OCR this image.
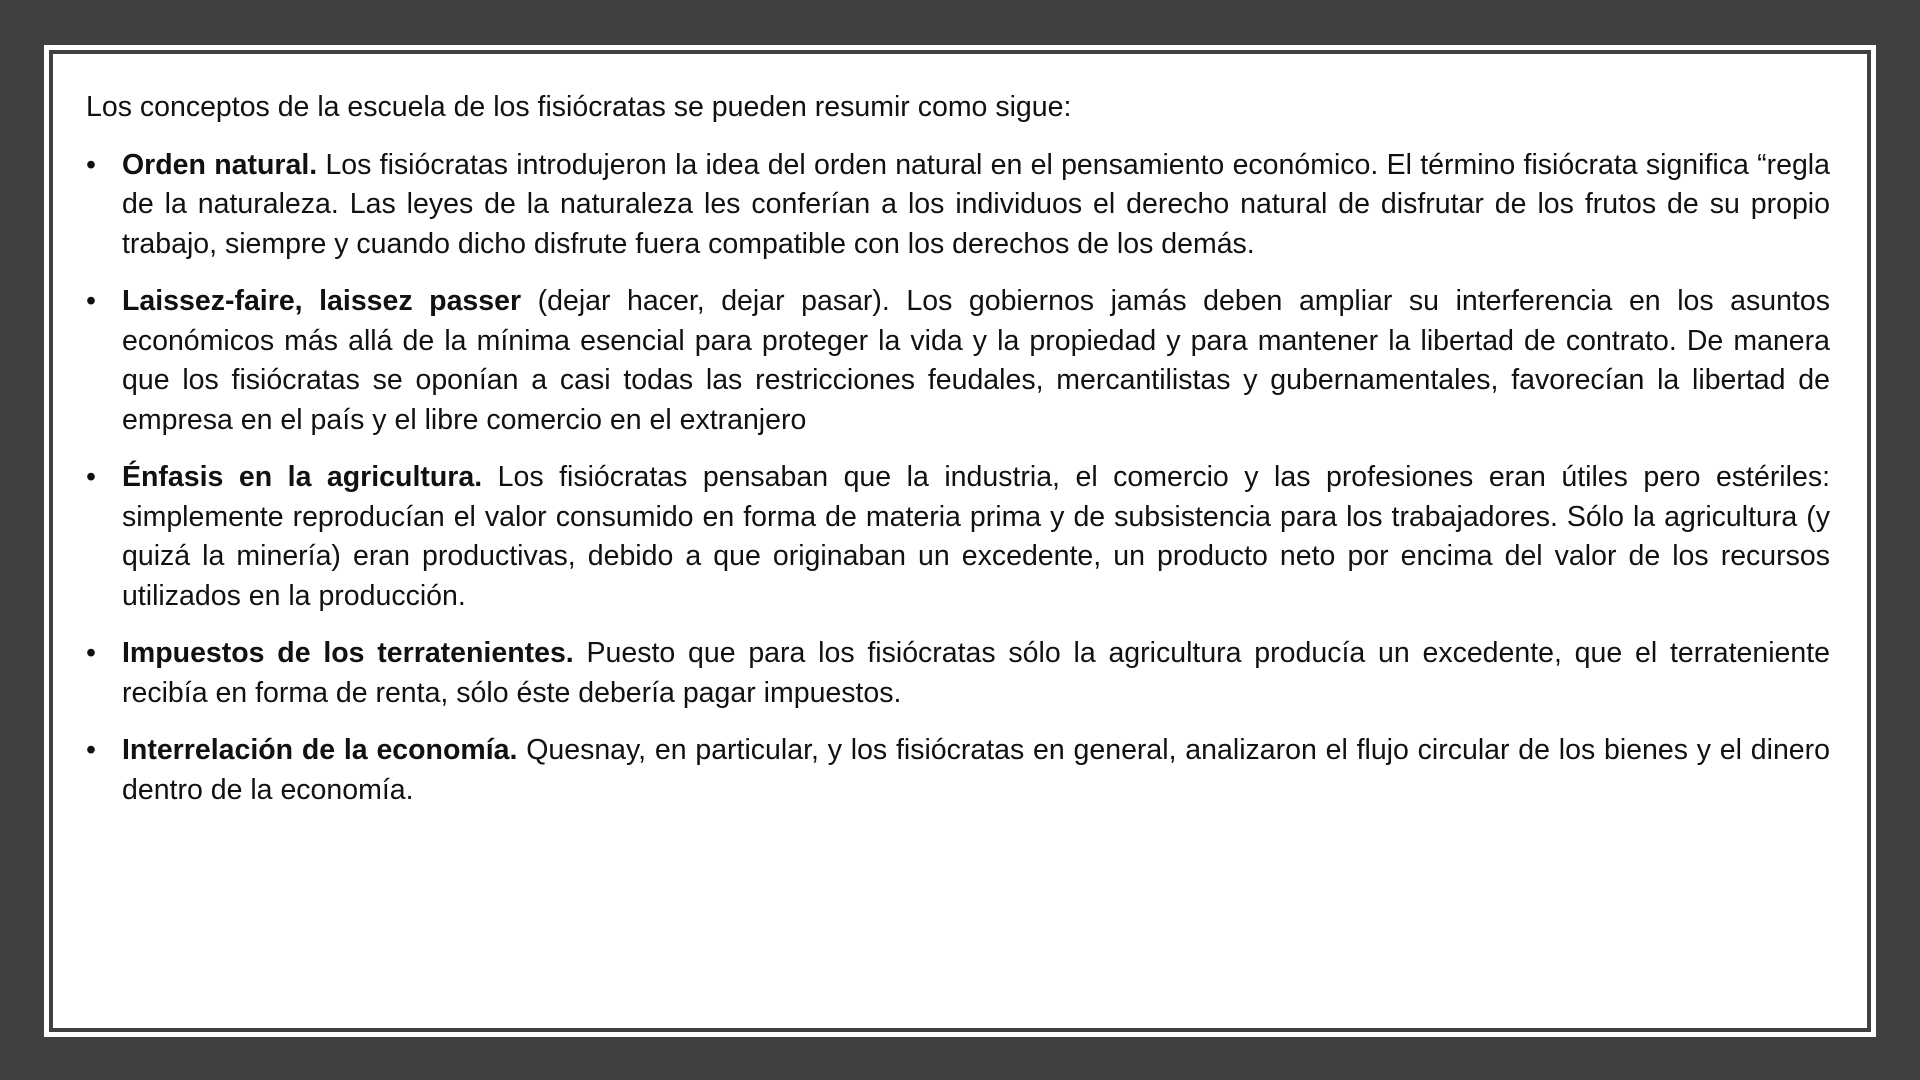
Los conceptos de la escuela de los fisiócratas se pueden resumir como sigue:

• Orden natural. Los fisiócratas introdujeron la idea del orden natural en el pensamiento económico. El término fisiócrata significa “regla de la naturaleza. Las leyes de la naturaleza les conferían a los individuos el derecho natural de disfrutar de los frutos de su propio trabajo, siempre y cuando dicho disfrute fuera compatible con los derechos de los demás.
• Laissez-faire, laissez passer (dejar hacer, dejar pasar). Los gobiernos jamás deben ampliar su interferencia en los asuntos económicos más allá de la mínima esencial para proteger la vida y la propiedad y para mantener la libertad de contrato. De manera que los fisiócratas se oponían a casi todas las restricciones feudales, mercantilistas y gubernamentales, favorecían la libertad de empresa en el país y el libre comercio en el extranjero
• Énfasis en la agricultura. Los fisiócratas pensaban que la industria, el comercio y las profesiones eran útiles pero estériles: simplemente reproducían el valor consumido en forma de materia prima y de subsistencia para los trabajadores. Sólo la agricultura (y quizá la minería) eran productivas, debido a que originaban un excedente, un producto neto por encima del valor de los recursos utilizados en la producción.
• Impuestos de los terratenientes. Puesto que para los fisiócratas sólo la agricultura producía un excedente, que el terrateniente recibía en forma de renta, sólo éste debería pagar impuestos.
• Interrelación de la economía. Quesnay, en particular, y los fisiócratas en general, analizaron el flujo circular de los bienes y el dinero dentro de la economía.
